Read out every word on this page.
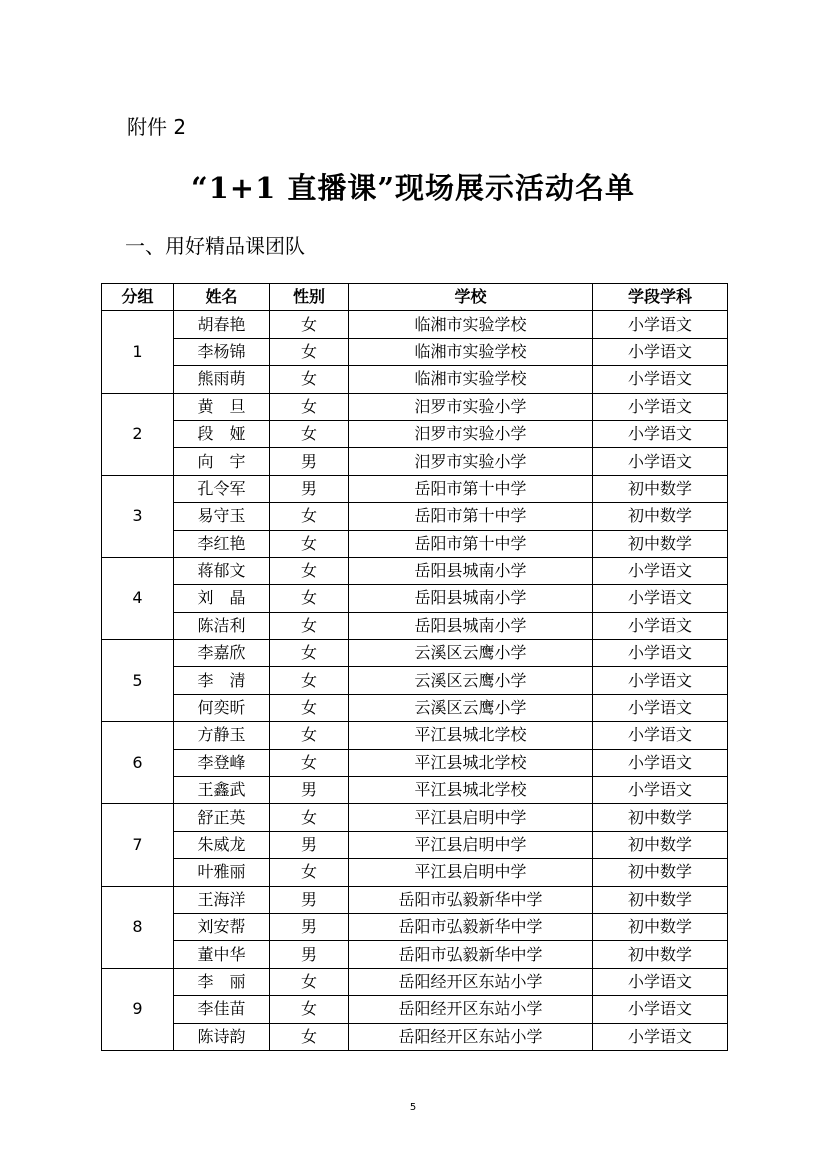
附件 2
“1+1 直播课”现场展示活动名单
一、用好精品课团队
分组	姓名	性别	学校	学段学科
1	胡春艳	女	临湘市实验学校	小学语文
	李杨锦	女	临湘市实验学校	小学语文
	熊雨萌	女	临湘市实验学校	小学语文
2	黄　旦	女	汨罗市实验小学	小学语文
	段　娅	女	汨罗市实验小学	小学语文
	向　宇	男	汨罗市实验小学	小学语文
3	孔令军	男	岳阳市第十中学	初中数学
	易守玉	女	岳阳市第十中学	初中数学
	李红艳	女	岳阳市第十中学	初中数学
4	蒋郁文	女	岳阳县城南小学	小学语文
	刘　晶	女	岳阳县城南小学	小学语文
	陈洁利	女	岳阳县城南小学	小学语文
5	李嘉欣	女	云溪区云鹰小学	小学语文
	李　清	女	云溪区云鹰小学	小学语文
	何奕昕	女	云溪区云鹰小学	小学语文
6	方静玉	女	平江县城北学校	小学语文
	李登峰	女	平江县城北学校	小学语文
	王鑫武	男	平江县城北学校	小学语文
7	舒正英	女	平江县启明中学	初中数学
	朱威龙	男	平江县启明中学	初中数学
	叶雅丽	女	平江县启明中学	初中数学
8	王海洋	男	岳阳市弘毅新华中学	初中数学
	刘安帮	男	岳阳市弘毅新华中学	初中数学
	董中华	男	岳阳市弘毅新华中学	初中数学
9	李　丽	女	岳阳经开区东站小学	小学语文
	李佳苗	女	岳阳经开区东站小学	小学语文
	陈诗韵	女	岳阳经开区东站小学	小学语文
5
